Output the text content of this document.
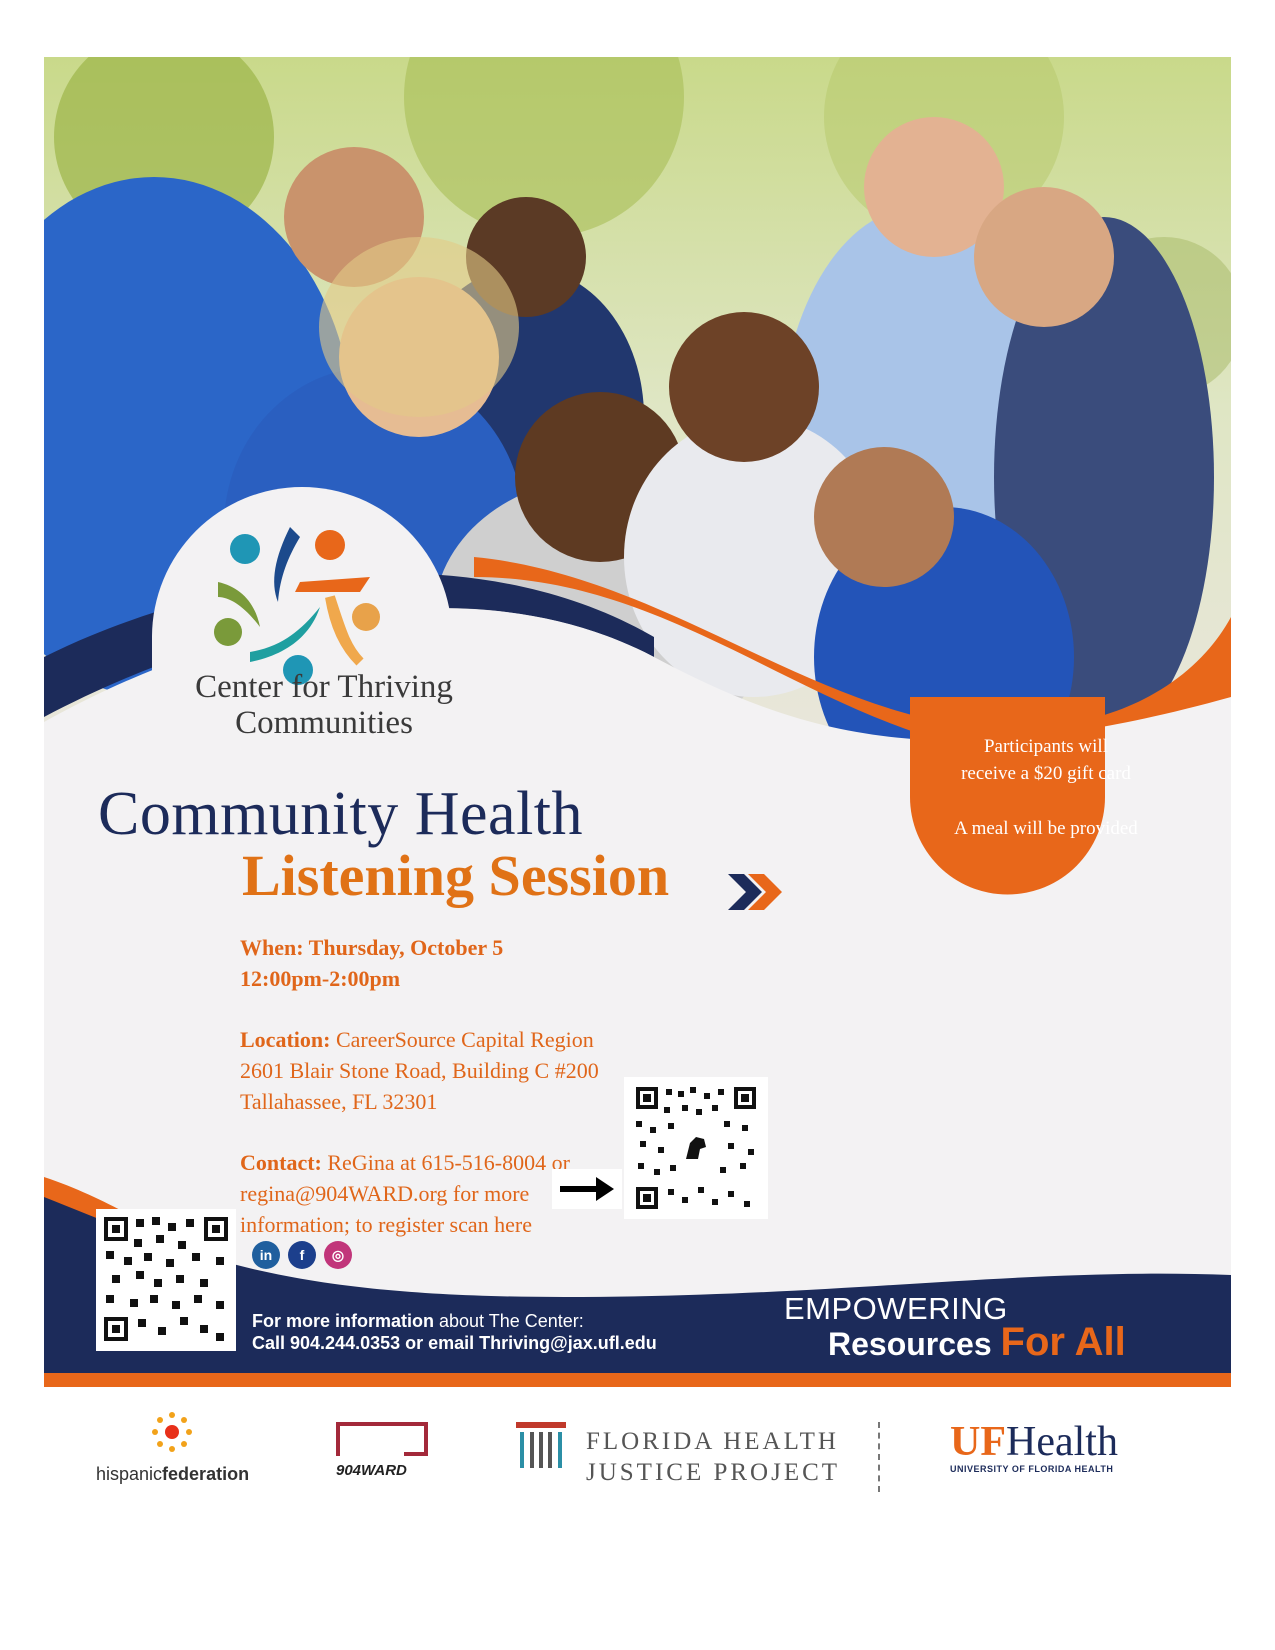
Center for Thriving
Communities
Participants will
receive a $20 gift card
A meal will be provided
Community Health
Listening Session
When: Thursday, October 5
12:00pm-2:00pm
Location: CareerSource Capital Region
2601 Blair Stone Road, Building C #200
Tallahassee, FL 32301
Contact: ReGina at 615-516-8004 or
regina@904WARD.org for more
information; to register scan here
in	f	◎
For more information about The Center:
Call 904.244.0353 or email Thriving@jax.ufl.edu
EMPOWERING
Resources For All
hispanicfederation	904WARD
FLORIDA HEALTH
JUSTICE PROJECT
UFHealth
UNIVERSITY OF FLORIDA HEALTH
